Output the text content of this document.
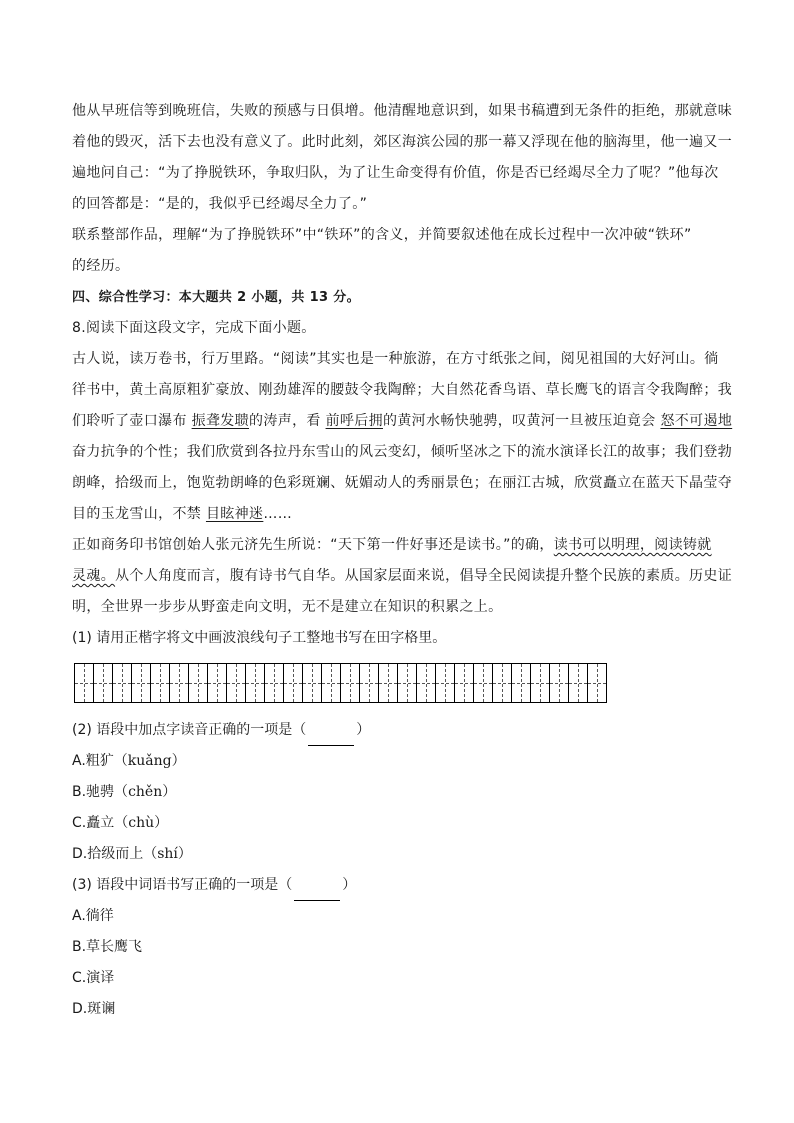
他从早班信等到晚班信，失败的预感与日俱增。他清醒地意识到，如果书稿遭到无条件的拒绝，那就意味
着他的毁灭，活下去也没有意义了。此时此刻，郊区海滨公园的那一幕又浮现在他的脑海里，他一遍又一
遍地问自己：“为了挣脱铁环，争取归队，为了让生命变得有价值，你是否已经竭尽全力了呢？”他每次
的回答都是：“是的，我似乎已经竭尽全力了。”
联系整部作品，理解“为了挣脱铁环”中“铁环”的含义，并简要叙述他在成长过程中一次冲破“铁环”
的经历。
四、综合性学习：本大题共 2 小题，共 13 分。
8.阅读下面这段文字，完成下面小题。
古人说，读万卷书，行万里路。“阅读”其实也是一种旅游，在方寸纸张之间，阅见祖国的大好河山。徜
徉书中，黄土高原粗犷豪放、刚劲雄浑的腰鼓令我陶醉；大自然花香鸟语、草长鹰飞的语言令我陶醉；我
们聆听了壶口瀑布 振聋发聩的涛声，看 前呼后拥的黄河水畅快驰骋，叹黄河一旦被压迫竟会 怒不可遏地
奋力抗争的个性；我们欣赏到各拉丹东雪山的风云变幻，倾听坚冰之下的流水演译长江的故事；我们登勃
朗峰，拾级而上，饱览勃朗峰的色彩斑斓、妩媚动人的秀丽景色；在丽江古城，欣赏矗立在蓝天下晶莹夺
目的玉龙雪山，不禁 目眩神迷……
正如商务印书馆创始人张元济先生所说：“天下第一件好事还是读书。”的确，读书可以明理，阅读铸就
灵魂。从个人角度而言，腹有诗书气自华。从国家层面来说，倡导全民阅读提升整个民族的素质。历史证
明，全世界一步步从野蛮走向文明，无不是建立在知识的积累之上。
(1) 请用正楷字将文中画波浪线句子工整地书写在田字格里。
(2) 语段中加点字读音正确的一项是（	）
A.粗犷（kuǎng）
B.驰骋（chěn）
C.矗立（chù）
D.拾级而上（shí）
(3) 语段中词语书写正确的一项是（	）
A.徜徉
B.草长鹰飞
C.演译
D.斑谰
